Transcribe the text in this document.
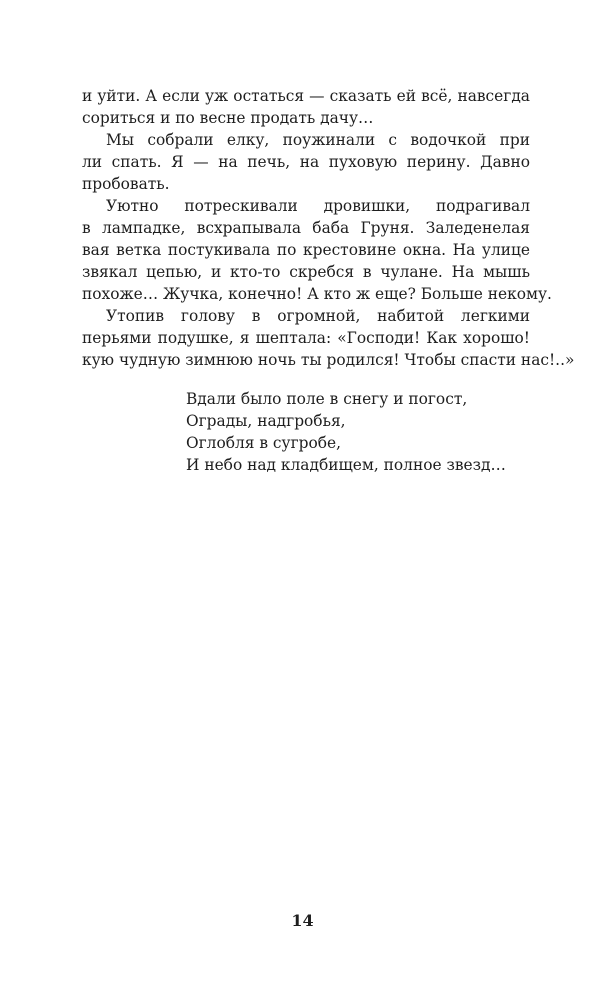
и уйти. А если уж остаться — сказать ей всё, навсегда
сориться и по весне продать дачу…
Мы собрали елку, поужинали с водочкой при
ли спать. Я — на печь, на пуховую перину. Давно
пробовать.
Уютно потрескивали дровишки, подрагивал
в лампадке, всхрапывала баба Груня. Заледенелая
вая ветка постукивала по крестовине окна. На улице
звякал цепью, и кто-то скребся в чулане. На мышь
похоже… Жучка, конечно! А кто ж еще? Больше некому.
Утопив голову в огромной, набитой легкими
перьями подушке, я шептала: «Господи! Как хорошо!
кую чудную зимнюю ночь ты родился! Чтобы спасти нас!..»
Вдали было поле в снегу и погост,
Ограды, надгробья,
Оглобля в сугробе,
И небо над кладбищем, полное звезд…
14
